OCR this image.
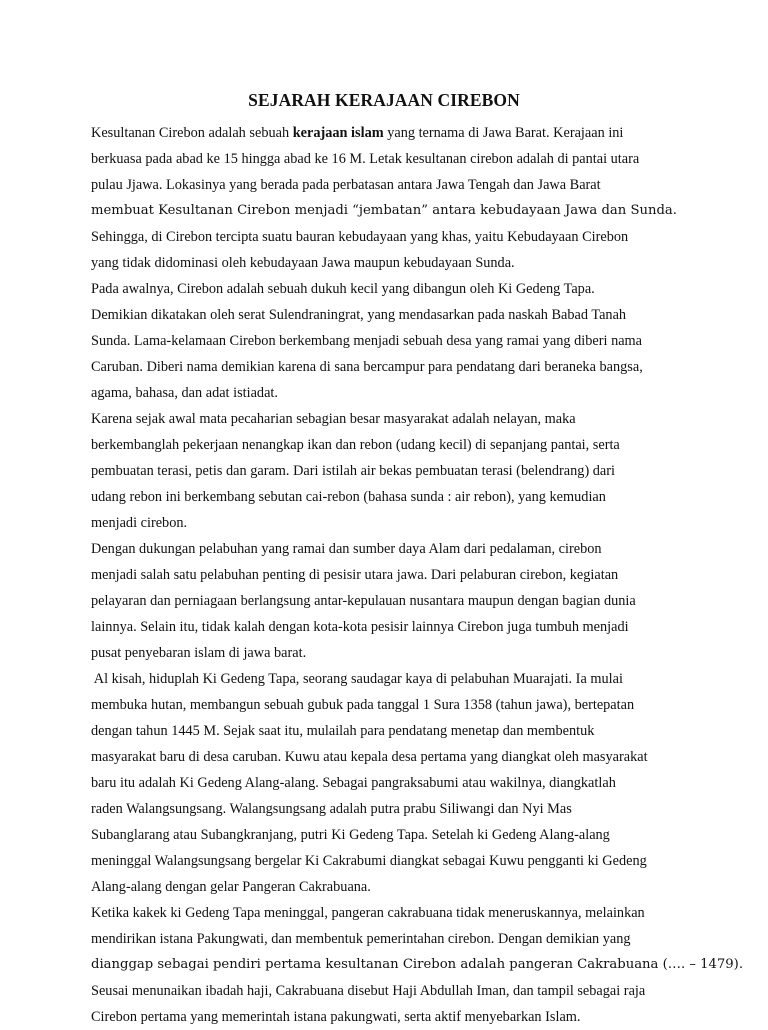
SEJARAH KERAJAAN CIREBON
Kesultanan Cirebon adalah sebuah kerajaan islam yang ternama di Jawa Barat. Kerajaan ini
berkuasa pada abad ke 15 hingga abad ke 16 M. Letak kesultanan cirebon adalah di pantai utara
pulau Jjawa. Lokasinya yang berada pada perbatasan antara Jawa Tengah dan Jawa Barat
membuat Kesultanan Cirebon menjadi “jembatan” antara kebudayaan Jawa dan Sunda.
Sehingga, di Cirebon tercipta suatu bauran kebudayaan yang khas, yaitu Kebudayaan Cirebon
yang tidak didominasi oleh kebudayaan Jawa maupun kebudayaan Sunda.
Pada awalnya, Cirebon adalah sebuah dukuh kecil yang dibangun oleh Ki Gedeng Tapa.
Demikian dikatakan oleh serat Sulendraningrat, yang mendasarkan pada naskah Babad Tanah
Sunda. Lama-kelamaan Cirebon berkembang menjadi sebuah desa yang ramai yang diberi nama
Caruban. Diberi nama demikian karena di sana bercampur para pendatang dari beraneka bangsa,
agama, bahasa, dan adat istiadat.
Karena sejak awal mata pecaharian sebagian besar masyarakat adalah nelayan, maka
berkembanglah pekerjaan nenangkap ikan dan rebon (udang kecil) di sepanjang pantai, serta
pembuatan terasi, petis dan garam. Dari istilah air bekas pembuatan terasi (belendrang) dari
udang rebon ini berkembang sebutan cai-rebon (bahasa sunda : air rebon), yang kemudian
menjadi cirebon.
Dengan dukungan pelabuhan yang ramai dan sumber daya Alam dari pedalaman, cirebon
menjadi salah satu pelabuhan penting di pesisir utara jawa. Dari pelaburan cirebon, kegiatan
pelayaran dan perniagaan berlangsung antar-kepulauan nusantara maupun dengan bagian dunia
lainnya. Selain itu, tidak kalah dengan kota-kota pesisir lainnya Cirebon juga tumbuh menjadi
pusat penyebaran islam di jawa barat.
Al kisah, hiduplah Ki Gedeng Tapa, seorang saudagar kaya di pelabuhan Muarajati. Ia mulai
membuka hutan, membangun sebuah gubuk pada tanggal 1 Sura 1358 (tahun jawa), bertepatan
dengan tahun 1445 M. Sejak saat itu, mulailah para pendatang menetap dan membentuk
masyarakat baru di desa caruban. Kuwu atau kepala desa pertama yang diangkat oleh masyarakat
baru itu adalah Ki Gedeng Alang-alang. Sebagai pangraksabumi atau wakilnya, diangkatlah
raden Walangsungsang. Walangsungsang adalah putra prabu Siliwangi dan Nyi Mas
Subanglarang atau Subangkranjang, putri Ki Gedeng Tapa. Setelah ki Gedeng Alang-alang
meninggal Walangsungsang bergelar Ki Cakrabumi diangkat sebagai Kuwu pengganti ki Gedeng
Alang-alang dengan gelar Pangeran Cakrabuana.
Ketika kakek ki Gedeng Tapa meninggal, pangeran cakrabuana tidak meneruskannya, melainkan
mendirikan istana Pakungwati, dan membentuk pemerintahan cirebon. Dengan demikian yang
dianggap sebagai pendiri pertama kesultanan Cirebon adalah pangeran Cakrabuana (…. – 1479).
Seusai menunaikan ibadah haji, Cakrabuana disebut Haji Abdullah Iman, dan tampil sebagai raja
Cirebon pertama yang memerintah istana pakungwati, serta aktif menyebarkan Islam.
